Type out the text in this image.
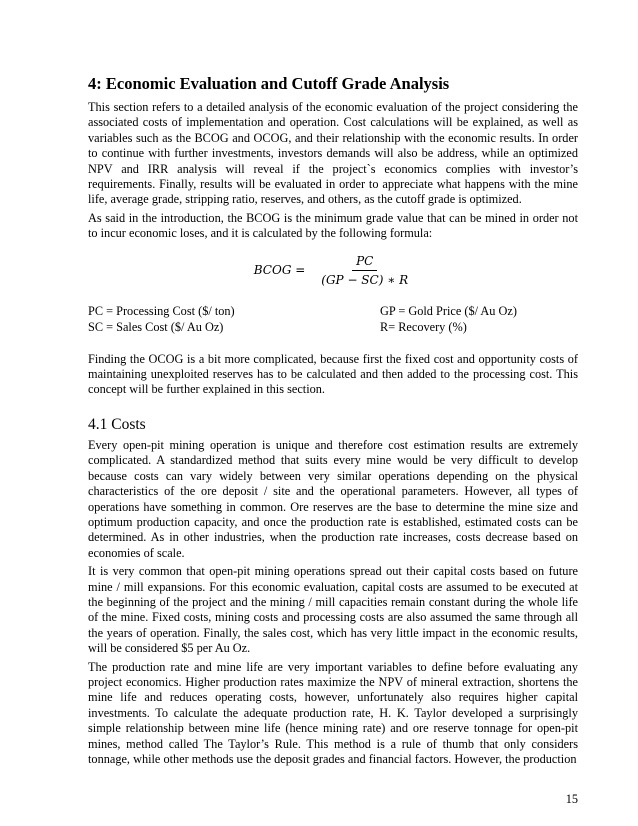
4: Economic Evaluation and Cutoff Grade Analysis

This section refers to a detailed analysis of the economic evaluation of the project considering the associated costs of implementation and operation. Cost calculations will be explained, as well as variables such as the BCOG and OCOG, and their relationship with the economic results. In order to continue with further investments, investors demands will also be address, while an optimized NPV and IRR analysis will reveal if the project`s economics complies with investor’s requirements. Finally, results will be evaluated in order to appreciate what happens with the mine life, average grade, stripping ratio, reserves, and others, as the cutoff grade is optimized.

As said in the introduction, the BCOG is the minimum grade value that can be mined in order not to incur economic loses, and it is calculated by the following formula:

BCOG = $\frac{PC}{(GP - SC) ∗ R}$
PC = Processing Cost ($/ ton)	GP = Gold Price ($/ Au Oz)
SC = Sales Cost ($/ Au Oz)	R= Recovery (%)

Finding the OCOG is a bit more complicated, because first the fixed cost and opportunity costs of maintaining unexploited reserves has to be calculated and then added to the processing cost. This concept will be further explained in this section.

4.1 Costs

Every open-pit mining operation is unique and therefore cost estimation results are extremely complicated. A standardized method that suits every mine would be very difficult to develop because costs can vary widely between very similar operations depending on the physical characteristics of the ore deposit / site and the operational parameters. However, all types of operations have something in common. Ore reserves are the base to determine the mine size and optimum production capacity, and once the production rate is established, estimated costs can be determined. As in other industries, when the production rate increases, costs decrease based on economies of scale.

It is very common that open-pit mining operations spread out their capital costs based on future mine / mill expansions. For this economic evaluation, capital costs are assumed to be executed at the beginning of the project and the mining / mill capacities remain constant during the whole life of the mine. Fixed costs, mining costs and processing costs are also assumed the same through all the years of operation. Finally, the sales cost, which has very little impact in the economic results, will be considered $5 per Au Oz.

The production rate and mine life are very important variables to define before evaluating any project economics. Higher production rates maximize the NPV of mineral extraction, shortens the mine life and reduces operating costs, however, unfortunately also requires higher capital investments. To calculate the adequate production rate, H. K. Taylor developed a surprisingly simple relationship between mine life (hence mining rate) and ore reserve tonnage for open-pit mines, method called The Taylor’s Rule. This method is a rule of thumb that only considers tonnage, while other methods use the deposit grades and financial factors. However, the production

15
